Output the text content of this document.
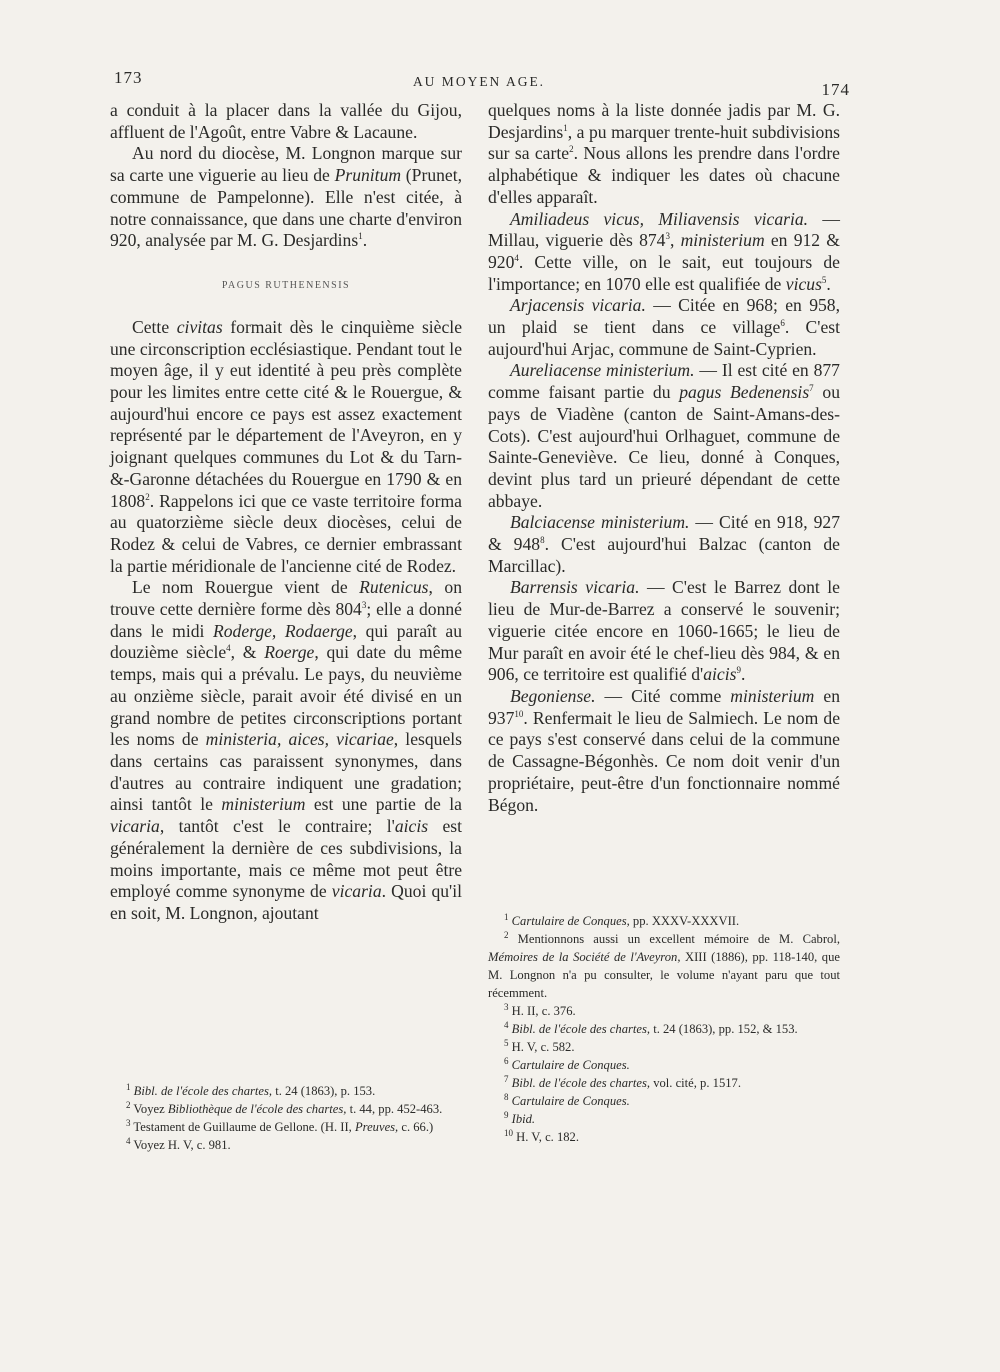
173	AU MOYEN AGE.	174

a conduit à la placer dans la vallée du Gijou, affluent de l'Agoût, entre Vabre & Lacaune.

Au nord du diocèse, M. Longnon marque sur sa carte une viguerie au lieu de Prunitum (Prunet, commune de Pampelonne). Elle n'est citée, à notre connaissance, que dans une charte d'environ 920, analysée par M. G. Desjardins$^1$.

PAGUS RUTHENENSIS

Cette civitas formait dès le cinquième siècle une circonscription ecclésiastique. Pendant tout le moyen âge, il y eut identité à peu près complète pour les limites entre cette cité & le Rouergue, & aujourd'hui encore ce pays est assez exactement représenté par le département de l'Aveyron, en y joignant quelques communes du Lot & du Tarn-&-Garonne détachées du Rouergue en 1790 & en 1808$^2$. Rappelons ici que ce vaste territoire forma au quatorzième siècle deux diocèses, celui de Rodez & celui de Vabres, ce dernier embrassant la partie méridionale de l'ancienne cité de Rodez.

Le nom Rouergue vient de Rutenicus, on trouve cette dernière forme dès $804^3$; elle a donné dans le midi Roderge, Rodaerge, qui paraît au douzième siècle$^4$, & Roerge, qui date du même temps, mais qui a prévalu. Le pays, du neuvième au onzième siècle, parait avoir été divisé en un grand nombre de petites circonscriptions portant les noms de ministeria, aices, vicariae, lesquels dans certains cas paraissent synonymes, dans d'autres au contraire indiquent une gradation; ainsi tantôt le ministerium est une partie de la vicaria, tantôt c'est le contraire; l'aicis est généralement la dernière de ces subdivisions, la moins importante, mais ce même mot peut être employé comme synonyme de vicaria. Quoi qu'il en soit, M. Longnon, ajoutant

$^1$ Bibl. de l'école des chartes, t. 24 (1863), p. 153.

$^2$ Voyez Bibliothèque de l'école des chartes, t. 44, pp. 452-463.

$^3$ Testament de Guillaume de Gellone. (H. II, Preuves, c. 66.)

$^4$ Voyez H. V, c. 981.

quelques noms à la liste donnée jadis par M. G. Desjardins$^1$, a pu marquer trente-huit subdivisions sur sa carte$^2$. Nous allons les prendre dans l'ordre alphabétique & indiquer les dates où chacune d'elles apparaît.

Amiliadeus vicus, Miliavensis vicaria. — Millau, viguerie dès $874^3$, ministerium en 912 & $920^4$. Cette ville, on le sait, eut toujours de l'importance; en 1070 elle est qualifiée de vicus$^5$.

Arjacensis vicaria. — Citée en 968; en 958, un plaid se tient dans ce village$^6$. C'est aujourd'hui Arjac, commune de Saint-Cyprien.

Aureliacense ministerium. — Il est cité en 877 comme faisant partie du pagus Bedenensis$^7$ ou pays de Viadène (canton de Saint-Amans-des-Cots). C'est aujourd'hui Orlhaguet, commune de Sainte-Geneviève. Ce lieu, donné à Conques, devint plus tard un prieuré dépendant de cette abbaye.

Balciacense ministerium. — Cité en 918, 927 & $948^8$. C'est aujourd'hui Balzac (canton de Marcillac).

Barrensis vicaria. — C'est le Barrez dont le lieu de Mur-de-Barrez a conservé le souvenir; viguerie citée encore en 1060-1665; le lieu de Mur paraît en avoir été le chef-lieu dès 984, & en 906, ce territoire est qualifié d'aicis$^9$.

Begoniense. — Cité comme ministerium en $937^{10}$. Renfermait le lieu de Salmiech. Le nom de ce pays s'est conservé dans celui de la commune de Cassagne-Bégonhès. Ce nom doit venir d'un propriétaire, peut-être d'un fonctionnaire nommé Bégon.

$^1$ Cartulaire de Conques, pp. XXXV-XXXVII.

$^2$ Mentionnons aussi un excellent mémoire de M. Cabrol, Mémoires de la Société de l'Aveyron, XIII (1886), pp. 118-140, que M. Longnon n'a pu consulter, le volume n'ayant paru que tout récemment.

$^3$ H. II, c. 376.

$^4$ Bibl. de l'école des chartes, t. 24 (1863), pp. 152, & 153.

$^5$ H. V, c. 582.

$^6$ Cartulaire de Conques.

$^7$ Bibl. de l'école des chartes, vol. cité, p. 1517.

$^8$ Cartulaire de Conques.

$^9$ Ibid.

$^{10}$ H. V, c. 182.
